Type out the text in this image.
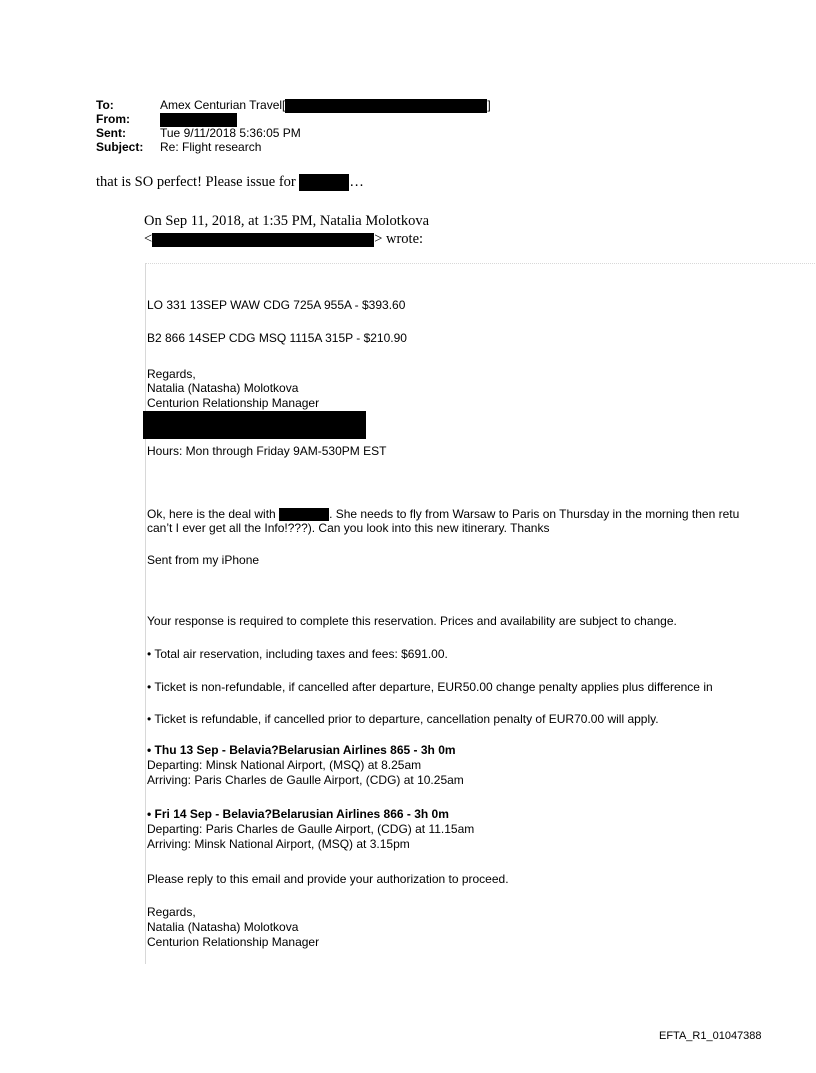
To:	Amex Centurian Travel[	]
From:
Sent:	Tue 9/11/2018 5:36:05 PM
Subject: Re: Flight research
that is SO perfect! Please issue for	…
On Sep 11, 2018, at 1:35 PM, Natalia Molotkova
<	> wrote:
LO 331 13SEP WAW CDG 725A 955A - $393.60
B2 866 14SEP CDG MSQ 1115A 315P - $210.90
Regards,
Natalia (Natasha) Molotkova
Centurion Relationship Manager
Hours: Mon through Friday 9AM-530PM EST
Ok, here is the deal with	. She needs to fly from Warsaw to Paris on Thursday in the morning then retu
can’t I ever get all the Info!???). Can you look into this new itinerary. Thanks
Sent from my iPhone
Your response is required to complete this reservation. Prices and availability are subject to change.
• Total air reservation, including taxes and fees: $691.00.
• Ticket is non-refundable, if cancelled after departure, EUR50.00 change penalty applies plus difference in
• Ticket is refundable, if cancelled prior to departure, cancellation penalty of EUR70.00 will apply.
• Thu 13 Sep - Belavia?Belarusian Airlines 865 - 3h 0m
Departing: Minsk National Airport, (MSQ) at 8.25am
Arriving: Paris Charles de Gaulle Airport, (CDG) at 10.25am
• Fri 14 Sep - Belavia?Belarusian Airlines 866 - 3h 0m
Departing: Paris Charles de Gaulle Airport, (CDG) at 11.15am
Arriving: Minsk National Airport, (MSQ) at 3.15pm
Please reply to this email and provide your authorization to proceed.
Regards,
Natalia (Natasha) Molotkova
Centurion Relationship Manager
EFTA_R1_01047388
